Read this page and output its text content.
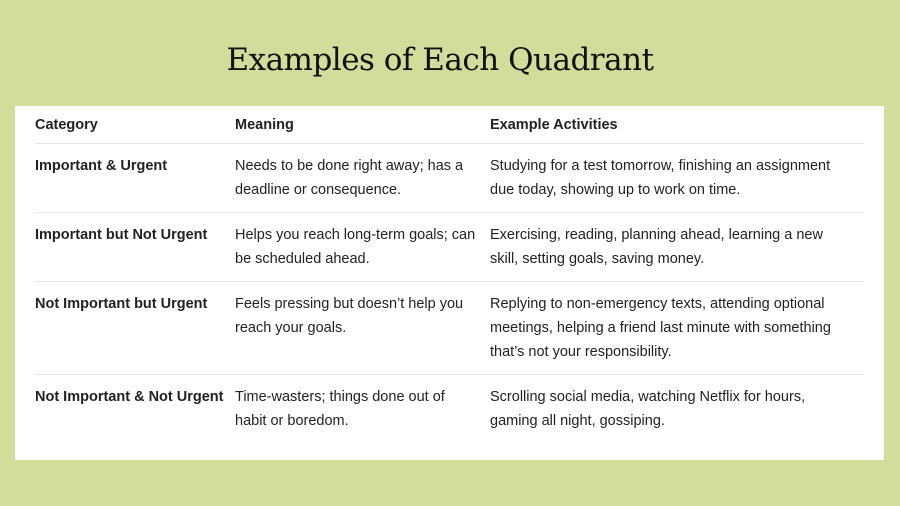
Examples of Each Quadrant
Category	Meaning	Example Activities
Important & Urgent	Needs to be done right away; has a deadline or consequence.	Studying for a test tomorrow, finishing an assignment due today, showing up to work on time.
Important but Not Urgent	Helps you reach long-term goals; can be scheduled ahead.	Exercising, reading, planning ahead, learning a new skill, setting goals, saving money.
Not Important but Urgent	Feels pressing but doesn’t help you reach your goals.	Replying to non-emergency texts, attending optional meetings, helping a friend last minute with something that’s not your responsibility.
Not Important & Not Urgent	Time-wasters; things done out of habit or boredom.	Scrolling social media, watching Netflix for hours, gaming all night, gossiping.
